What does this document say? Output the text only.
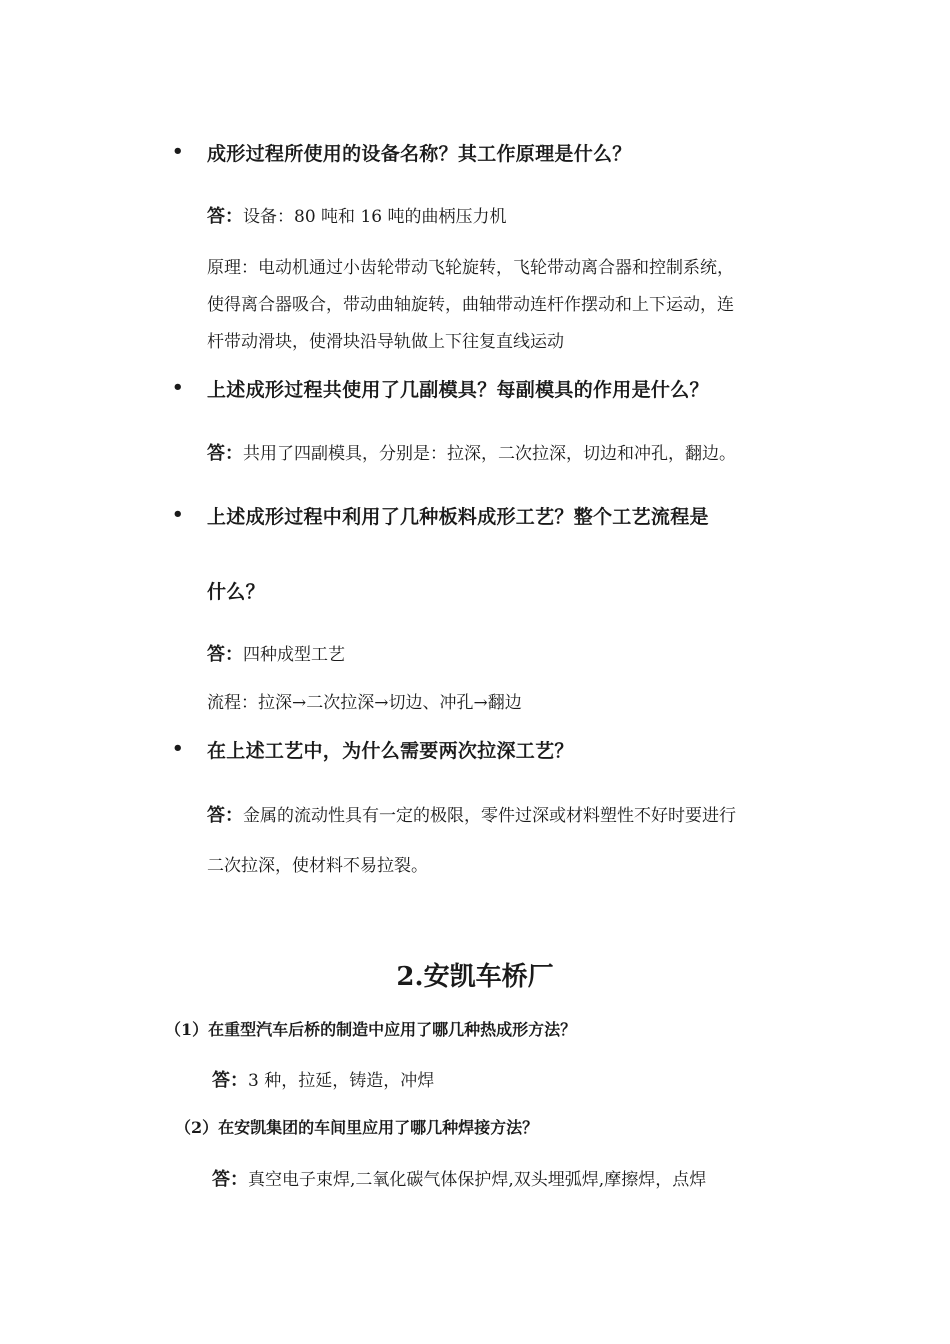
• 成形过程所使用的设备名称？其工作原理是什么？
答：设备：80 吨和 16 吨的曲柄压力机
原理：电动机通过小齿轮带动飞轮旋转，飞轮带动离合器和控制系统，
使得离合器吸合，带动曲轴旋转，曲轴带动连杆作摆动和上下运动，连
杆带动滑块，使滑块沿导轨做上下往复直线运动
• 上述成形过程共使用了几副模具？每副模具的作用是什么？
答：共用了四副模具，分别是：拉深，二次拉深，切边和冲孔，翻边。
• 上述成形过程中利用了几种板料成形工艺？整个工艺流程是
什么？
答：四种成型工艺
流程：拉深→二次拉深→切边、冲孔→翻边
• 在上述工艺中，为什么需要两次拉深工艺？
答：金属的流动性具有一定的极限，零件过深或材料塑性不好时要进行
二次拉深，使材料不易拉裂。
2.安凯车桥厂
（1）在重型汽车后桥的制造中应用了哪几种热成形方法？
答：3 种，拉延，铸造，冲焊
（2）在安凯集团的车间里应用了哪几种焊接方法？
答：真空电子束焊,二氧化碳气体保护焊,双头埋弧焊,摩擦焊，点焊
